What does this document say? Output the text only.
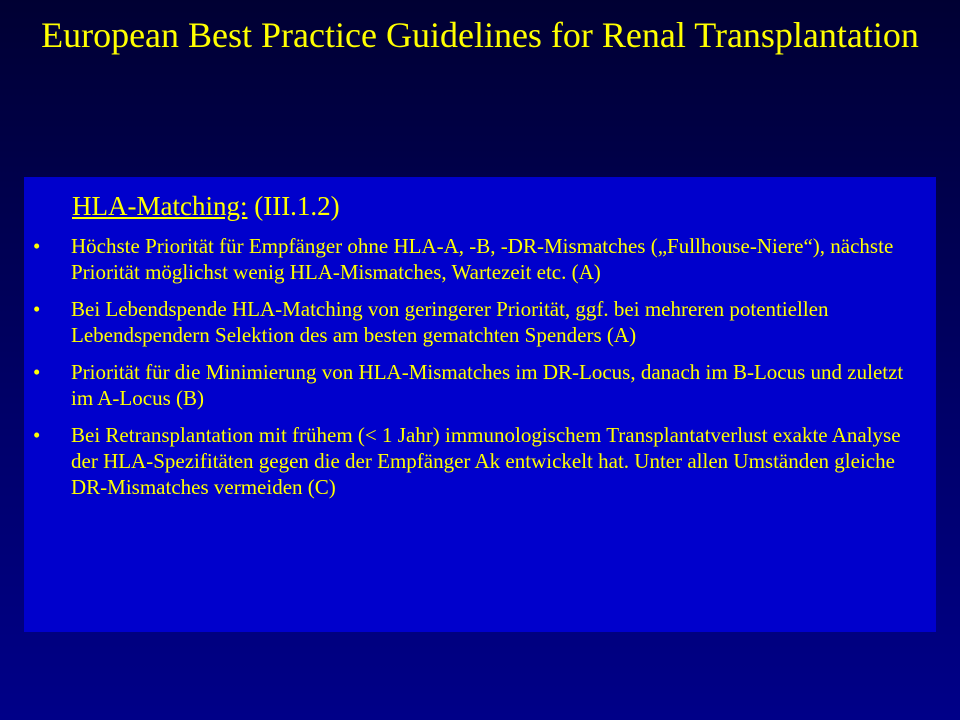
European Best Practice Guidelines for Renal Transplantation
HLA-Matching: (III.1.2)
• Höchste Priorität für Empfänger ohne HLA-A, -B, -DR-Mismatches („Fullhouse-Niere“), nächste Priorität möglichst wenig HLA-Mismatches, Wartezeit etc. (A)
• Bei Lebendspende HLA-Matching von geringerer Priorität, ggf. bei mehreren potentiellen Lebendspendern Selektion des am besten gematchten Spenders (A)
• Priorität für die Minimierung von HLA-Mismatches im DR-Locus, danach im B-Locus und zuletzt im A-Locus (B)
• Bei Retransplantation mit frühem (< 1 Jahr) immunologischem Transplantatverlust exakte Analyse der HLA-Spezifitäten gegen die der Empfänger Ak entwickelt hat. Unter allen Umständen gleiche DR-Mismatches vermeiden (C)
